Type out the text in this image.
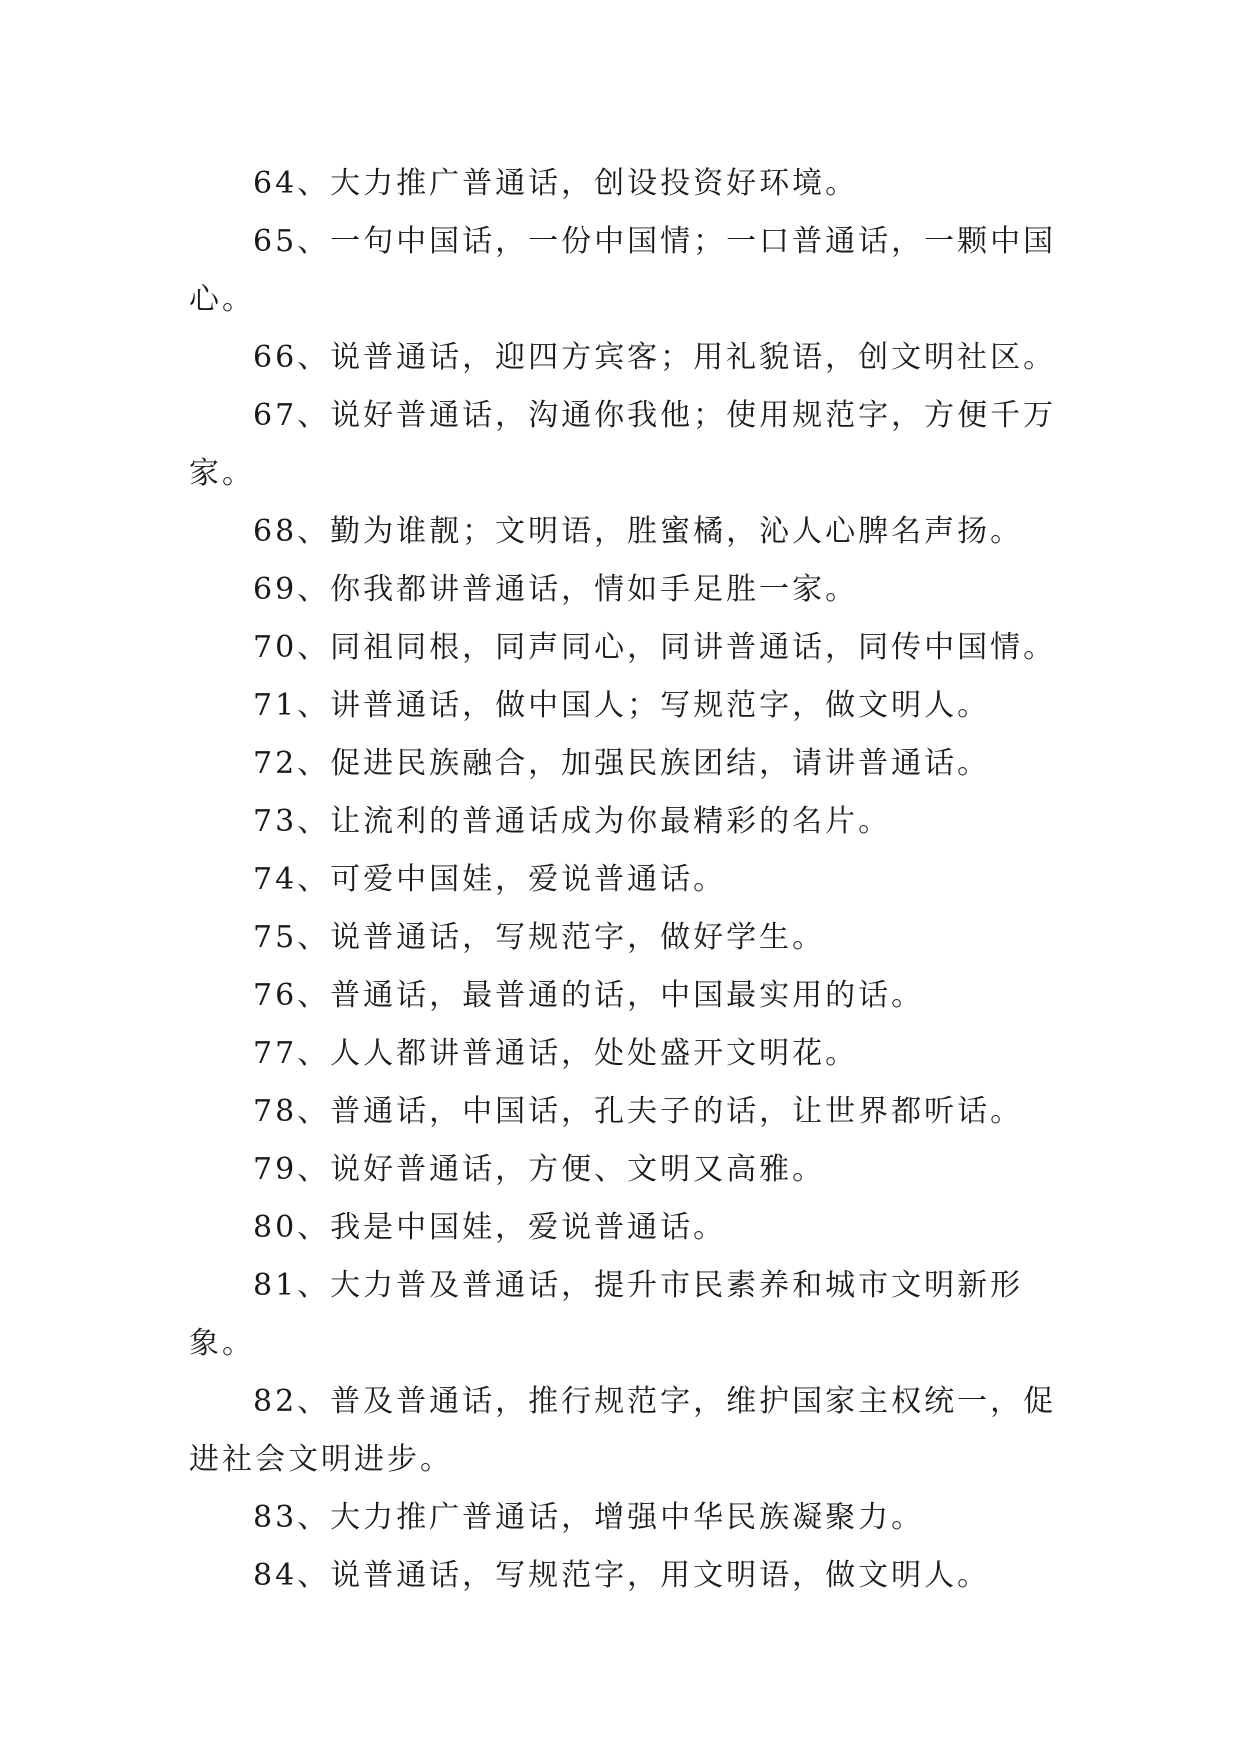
64、大力推广普通话，创设投资好环境。

65、一句中国话，一份中国情；一口普通话，一颗中国心。

66、说普通话，迎四方宾客；用礼貌语，创文明社区。

67、说好普通话，沟通你我他；使用规范字，方便千万家。

68、勤为谁靓；文明语，胜蜜橘，沁人心脾名声扬。

69、你我都讲普通话，情如手足胜一家。

70、同祖同根，同声同心，同讲普通话，同传中国情。

71、讲普通话，做中国人；写规范字，做文明人。

72、促进民族融合，加强民族团结，请讲普通话。

73、让流利的普通话成为你最精彩的名片。

74、可爱中国娃，爱说普通话。

75、说普通话，写规范字，做好学生。

76、普通话，最普通的话，中国最实用的话。

77、人人都讲普通话，处处盛开文明花。

78、普通话，中国话，孔夫子的话，让世界都听话。

79、说好普通话，方便、文明又高雅。

80、我是中国娃，爱说普通话。

81、大力普及普通话，提升市民素养和城市文明新形象。

82、普及普通话，推行规范字，维护国家主权统一，促进社会文明进步。

83、大力推广普通话，增强中华民族凝聚力。

84、说普通话，写规范字，用文明语，做文明人。
